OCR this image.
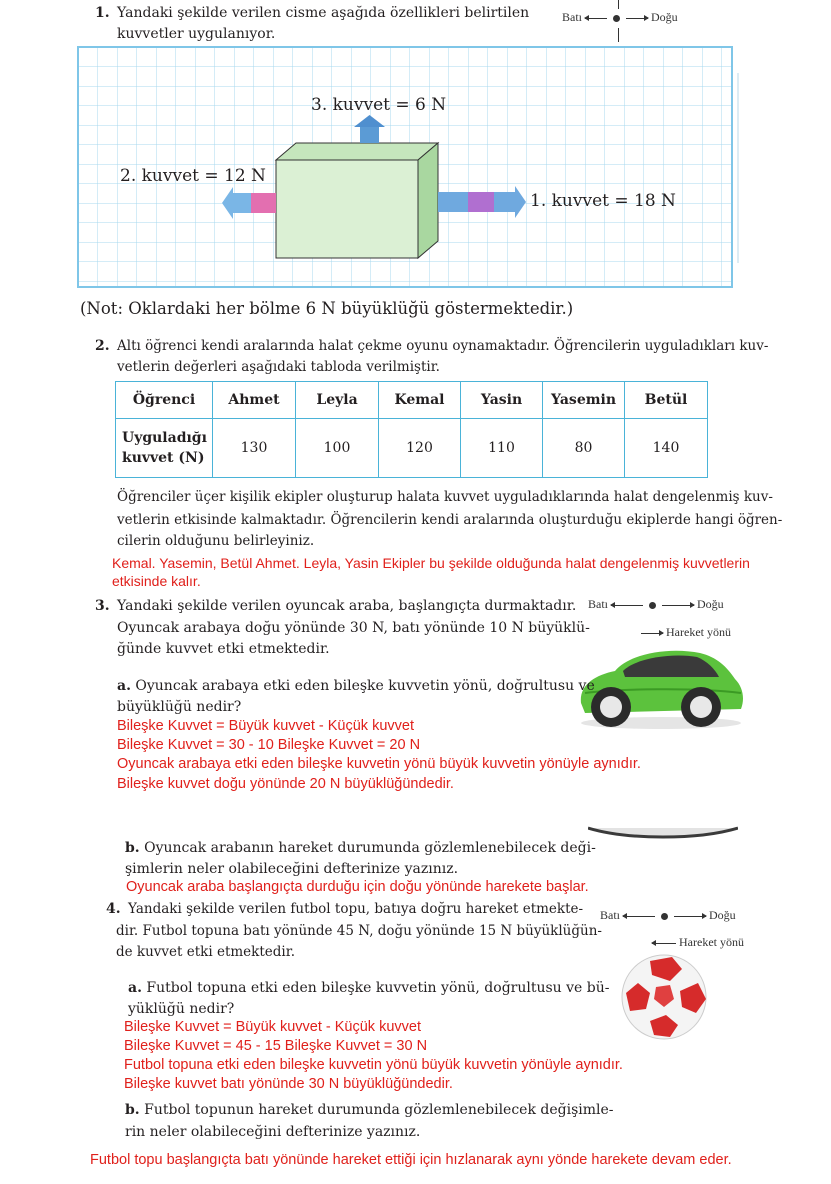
1. Yandaki şekilde verilen cisme aşağıda özellikleri belirtilen
kuvvetler uygulanıyor.
Batı	Doğu
3. kuvvet = 6 N
2. kuvvet = 12 N
1. kuvvet = 18 N
(Not: Oklardaki her bölme 6 N büyüklüğü göstermektedir.)
2. Altı öğrenci kendi aralarında halat çekme oyunu oynamaktadır. Öğrencilerin uyguladıkları kuv-
vetlerin değerleri aşağıdaki tabloda verilmiştir.
Öğrenci	Ahmet	Leyla	Kemal	Yasin	Yasemin	Betül
Uyguladığı
kuvvet (N)	130	100	120	110	80	140
Öğrenciler üçer kişilik ekipler oluşturup halata kuvvet uyguladıklarında halat dengelenmiş kuv-
vetlerin etkisinde kalmaktadır. Öğrencilerin kendi aralarında oluşturduğu ekiplerde hangi öğren-
cilerin olduğunu belirleyiniz.
Kemal. Yasemin, Betül Ahmet. Leyla, Yasin Ekipler bu şekilde olduğunda halat dengelenmiş kuvvetlerin
etkisinde kalır.
3. Yandaki şekilde verilen oyuncak araba, başlangıçta durmaktadır.
Oyuncak arabaya doğu yönünde 30 N, batı yönünde 10 N büyüklü-
ğünde kuvvet etki etmektedir.
Batı	Doğu
Hareket yönü
a. Oyuncak arabaya etki eden bileşke kuvvetin yönü, doğrultusu ve
büyüklüğü nedir?
Bileşke Kuvvet = Büyük kuvvet - Küçük kuvvet
Bileşke Kuvvet = 30 - 10 Bileşke Kuvvet = 20 N
Oyuncak arabaya etki eden bileşke kuvvetin yönü büyük kuvvetin yönüyle aynıdır.
Bileşke kuvvet doğu yönünde 20 N büyüklüğündedir.
b. Oyuncak arabanın hareket durumunda gözlemlenebilecek deği-
şimlerin neler olabileceğini defterinize yazınız.
Oyuncak araba başlangıçta durduğu için doğu yönünde harekete başlar.
4. Yandaki şekilde verilen futbol topu, batıya doğru hareket etmekte-
dir. Futbol topuna batı yönünde 45 N, doğu yönünde 15 N büyüklüğün-
de kuvvet etki etmektedir.
Batı	Doğu
Hareket yönü
a. Futbol topuna etki eden bileşke kuvvetin yönü, doğrultusu ve bü-
yüklüğü nedir?
Bileşke Kuvvet = Büyük kuvvet - Küçük kuvvet
Bileşke Kuvvet = 45 - 15 Bileşke Kuvvet = 30 N
Futbol topuna etki eden bileşke kuvvetin yönü büyük kuvvetin yönüyle aynıdır.
Bileşke kuvvet batı yönünde 30 N büyüklüğündedir.
b. Futbol topunun hareket durumunda gözlemlenebilecek değişimle-
rin neler olabileceğini defterinize yazınız.
Futbol topu başlangıçta batı yönünde hareket ettiği için hızlanarak aynı yönde harekete devam eder.
